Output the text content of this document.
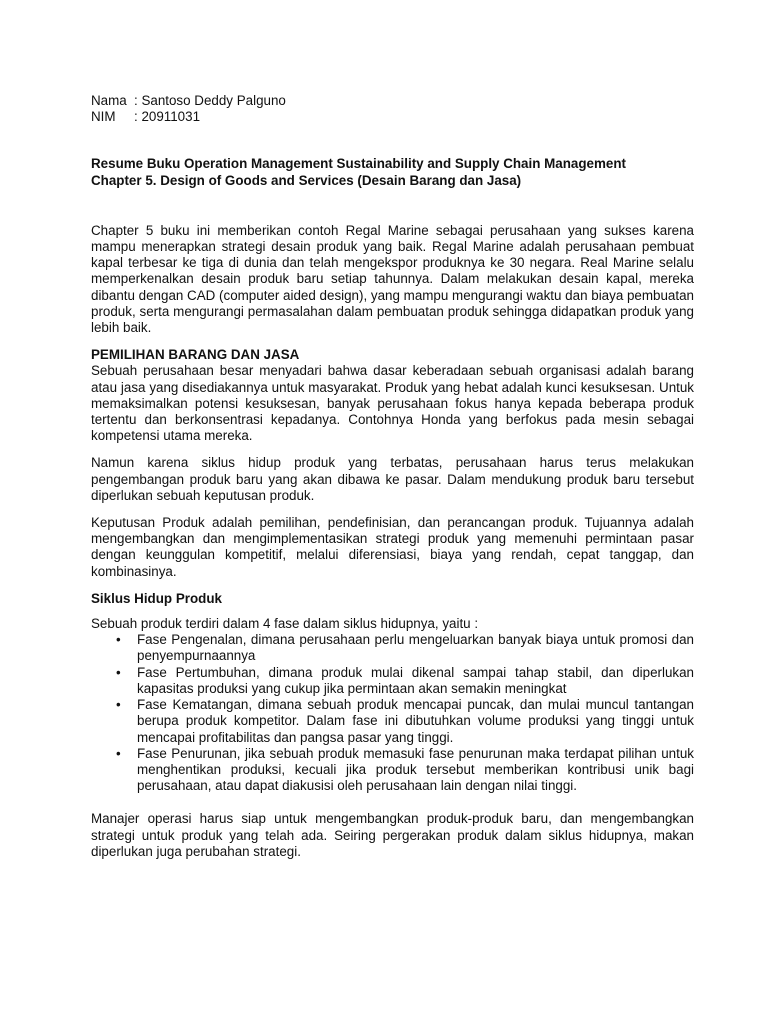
Nama : Santoso Deddy Palguno
NIM	: 20911031
Resume Buku Operation Management Sustainability and Supply Chain Management
Chapter 5. Design of Goods and Services (Desain Barang dan Jasa)

Chapter 5 buku ini memberikan contoh Regal Marine sebagai perusahaan yang sukses karena mampu menerapkan strategi desain produk yang baik. Regal Marine adalah perusahaan pembuat kapal terbesar ke tiga di dunia dan telah mengekspor produknya ke 30 negara. Real Marine selalu memperkenalkan desain produk baru setiap tahunnya. Dalam melakukan desain kapal, mereka dibantu dengan CAD (computer aided design), yang mampu mengurangi waktu dan biaya pembuatan produk, serta mengurangi permasalahan dalam pembuatan produk sehingga didapatkan produk yang lebih baik.

PEMILIHAN BARANG DAN JASA

Sebuah perusahaan besar menyadari bahwa dasar keberadaan sebuah organisasi adalah barang atau jasa yang disediakannya untuk masyarakat. Produk yang hebat adalah kunci kesuksesan. Untuk memaksimalkan potensi kesuksesan, banyak perusahaan fokus hanya kepada beberapa produk tertentu dan berkonsentrasi kepadanya. Contohnya Honda yang berfokus pada mesin sebagai kompetensi utama mereka.

Namun karena siklus hidup produk yang terbatas, perusahaan harus terus melakukan pengembangan produk baru yang akan dibawa ke pasar. Dalam mendukung produk baru tersebut diperlukan sebuah keputusan produk.

Keputusan Produk adalah pemilihan, pendefinisian, dan perancangan produk. Tujuannya adalah mengembangkan dan mengimplementasikan strategi produk yang memenuhi permintaan pasar dengan keunggulan kompetitif, melalui diferensiasi, biaya yang rendah, cepat tanggap, dan kombinasinya.

Siklus Hidup Produk

Sebuah produk terdiri dalam 4 fase dalam siklus hidupnya, yaitu :

• Fase Pengenalan, dimana perusahaan perlu mengeluarkan banyak biaya untuk promosi dan penyempurnaannya
• Fase Pertumbuhan, dimana produk mulai dikenal sampai tahap stabil, dan diperlukan kapasitas produksi yang cukup jika permintaan akan semakin meningkat
• Fase Kematangan, dimana sebuah produk mencapai puncak, dan mulai muncul tantangan berupa produk kompetitor. Dalam fase ini dibutuhkan volume produksi yang tinggi untuk mencapai profitabilitas dan pangsa pasar yang tinggi.
• Fase Penurunan, jika sebuah produk memasuki fase penurunan maka terdapat pilihan untuk menghentikan produksi, kecuali jika produk tersebut memberikan kontribusi unik bagi perusahaan, atau dapat diakusisi oleh perusahaan lain dengan nilai tinggi.

Manajer operasi harus siap untuk mengembangkan produk-produk baru, dan mengembangkan strategi untuk produk yang telah ada. Seiring pergerakan produk dalam siklus hidupnya, makan diperlukan juga perubahan strategi.
